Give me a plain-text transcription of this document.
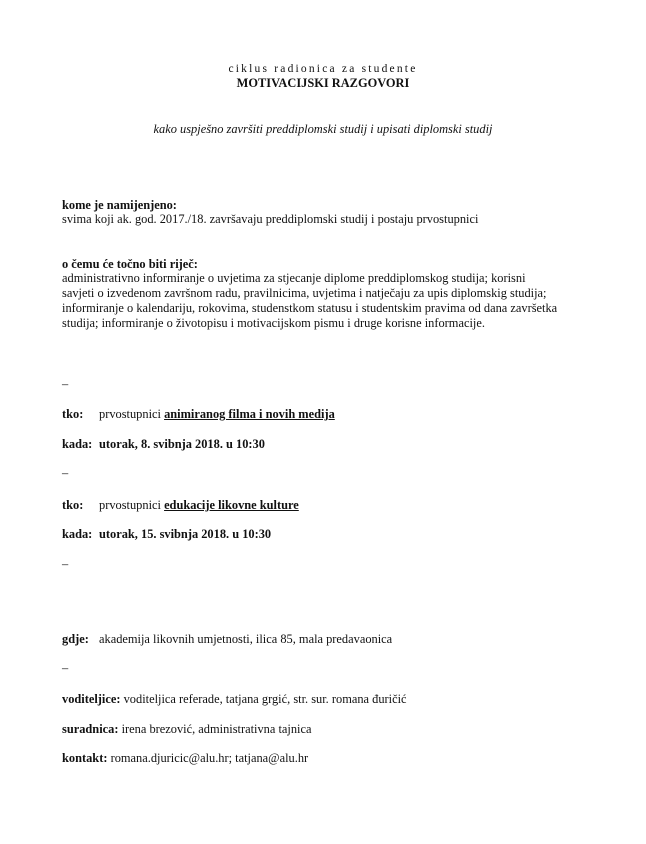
ciklus radionica za studente
MOTIVACIJSKI RAZGOVORI
kako uspješno završiti preddiplomski studij i upisati diplomski studij
kome je namijenjeno:
svima koji ak. god. 2017./18. završavaju preddiplomski studij i postaju prvostupnici
o čemu će točno biti riječ:
administrativno informiranje o uvjetima za stjecanje diplome preddiplomskog studija; korisni
savjeti o izvedenom završnom radu, pravilnicima, uvjetima i natječaju za upis diplomskig studija;
informiranje o kalendariju, rokovima, studenstkom statusu i studentskim pravima od dana završetka
studija; informiranje o životopisu i motivacijskom pismu i druge korisne informacije.
–
tko: prvostupnici animiranog filma i novih medija
kada: utorak, 8. svibnja 2018. u 10:30
–
tko: prvostupnici edukacije likovne kulture
kada: utorak, 15. svibnja 2018. u 10:30
–
gdje: akademija likovnih umjetnosti, ilica 85, mala predavaonica
–
voditeljice: voditeljica referade, tatjana grgić, str. sur. romana đuričić
suradnica: irena brezović, administrativna tajnica
kontakt: romana.djuricic@alu.hr; tatjana@alu.hr
